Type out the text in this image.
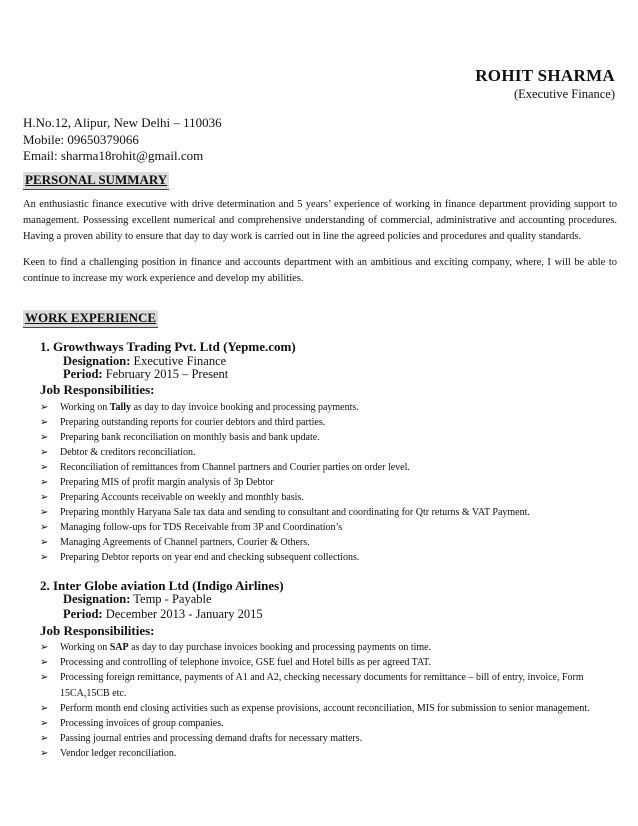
ROHIT SHARMA
(Executive Finance)
H.No.12, Alipur, New Delhi – 110036
Mobile: 09650379066
Email: sharma18rohit@gmail.com
PERSONAL SUMMARY
An enthusiastic finance executive with drive determination and 5 years’ experience of working in finance department providing support to management. Possessing excellent numerical and comprehensive understanding of commercial, administrative and accounting procedures. Having a proven ability to ensure that day to day work is carried out in line the agreed policies and procedures and quality standards.
Keen to find a challenging position in finance and accounts department with an ambitious and exciting company, where, I will be able to continue to increase my work experience and develop my abilities.
WORK EXPERIENCE
1. Growthways Trading Pvt. Ltd (Yepme.com)
Designation: Executive Finance
Period: February 2015 – Present
Job Responsibilities:
➢ Working on Tally as day to day invoice booking and processing payments.
➢ Preparing outstanding reports for courier debtors and third parties.
➢ Preparing bank reconciliation on monthly basis and bank update.
➢ Debtor & creditors reconciliation.
➢ Reconciliation of remittances from Channel partners and Courier parties on order level.
➢ Preparing MIS of profit margin analysis of 3p Debtor
➢ Preparing Accounts receivable on weekly and monthly basis.
➢ Preparing monthly Haryana Sale tax data and sending to consultant and coordinating for Qtr returns & VAT Payment.
➢ Managing follow-ups for TDS Receivable from 3P and Coordination’s
➢ Managing Agreements of Channel partners, Courier & Others.
➢ Preparing Debtor reports on year end and checking subsequent collections.
2. Inter Globe aviation Ltd (Indigo Airlines)
Designation: Temp - Payable
Period: December 2013 - January 2015
Job Responsibilities:
➢ Working on SAP as day to day purchase invoices booking and processing payments on time.
➢ Processing and controlling of telephone invoice, GSE fuel and Hotel bills as per agreed TAT.
➢ Processing foreign remittance, payments of A1 and A2, checking necessary documents for remittance – bill of entry, invoice, Form 15CA,15CB etc.
➢ Perform month end closing activities such as expense provisions, account reconciliation, MIS for submission to senior management.
➢ Processing invoices of group companies.
➢ Passing journal entries and processing demand drafts for necessary matters.
➢ Vendor ledger reconciliation.
